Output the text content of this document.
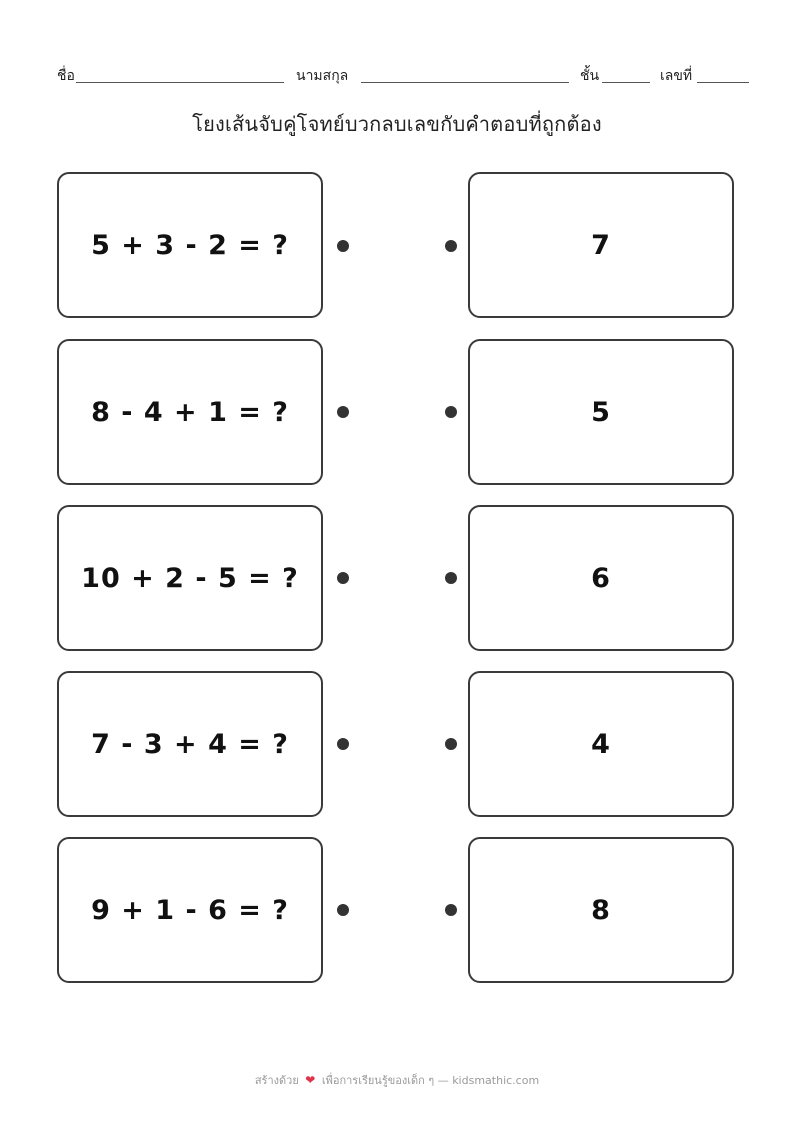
ชื่อ	นามสกุล	ชั้น	เลขที่
โยงเส้นจับคู่โจทย์บวกลบเลขกับคำตอบที่ถูกต้อง
5 + 3 - 2 = ?
8 - 4 + 1 = ?
10 + 2 - 5 = ?
7 - 3 + 4 = ?
9 + 1 - 6 = ?
7
5
6
4
8
สร้างด้วย ❤ เพื่อการเรียนรู้ของเด็ก ๆ — kidsmathic.com
